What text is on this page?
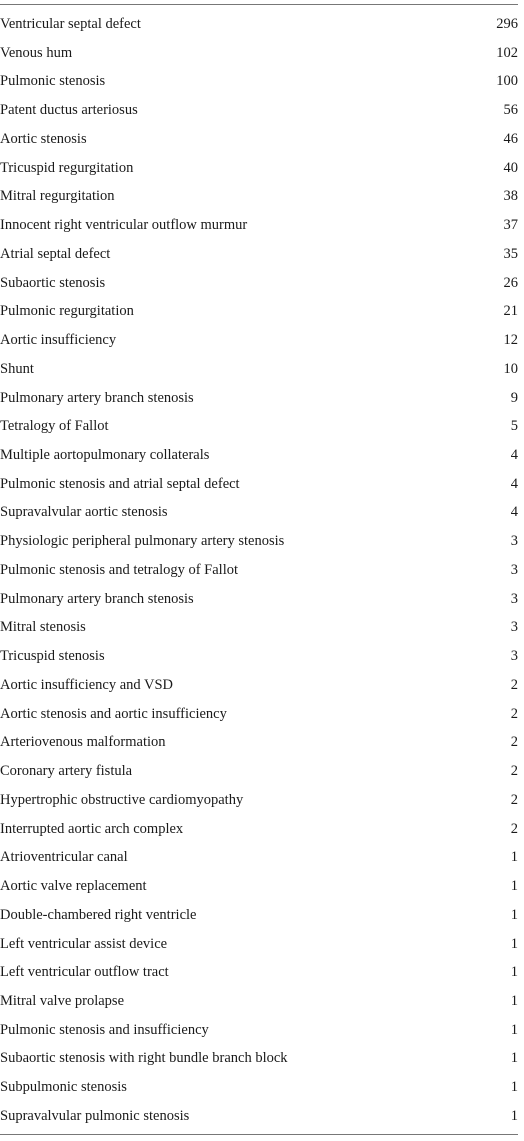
Ventricular septal defect	296
Venous hum	102
Pulmonic stenosis	100
Patent ductus arteriosus	56
Aortic stenosis	46
Tricuspid regurgitation	40
Mitral regurgitation	38
Innocent right ventricular outflow murmur	37
Atrial septal defect	35
Subaortic stenosis	26
Pulmonic regurgitation	21
Aortic insufficiency	12
Shunt	10
Pulmonary artery branch stenosis	9
Tetralogy of Fallot	5
Multiple aortopulmonary collaterals	4
Pulmonic stenosis and atrial septal defect	4
Supravalvular aortic stenosis	4
Physiologic peripheral pulmonary artery stenosis	3
Pulmonic stenosis and tetralogy of Fallot	3
Pulmonary artery branch stenosis	3
Mitral stenosis	3
Tricuspid stenosis	3
Aortic insufficiency and VSD	2
Aortic stenosis and aortic insufficiency	2
Arteriovenous malformation	2
Coronary artery fistula	2
Hypertrophic obstructive cardiomyopathy	2
Interrupted aortic arch complex	2
Atrioventricular canal	1
Aortic valve replacement	1
Double-chambered right ventricle	1
Left ventricular assist device	1
Left ventricular outflow tract	1
Mitral valve prolapse	1
Pulmonic stenosis and insufficiency	1
Subaortic stenosis with right bundle branch block	1
Subpulmonic stenosis	1
Supravalvular pulmonic stenosis	1
